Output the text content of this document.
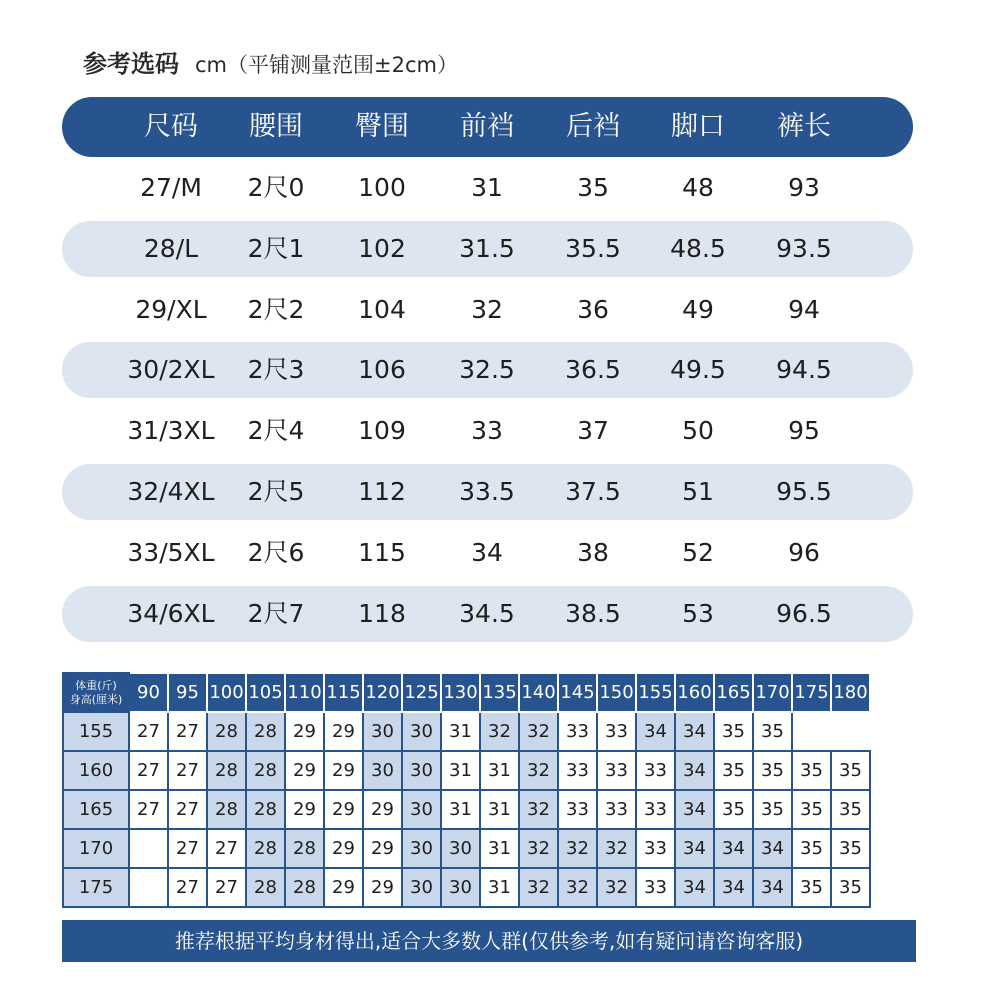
参考选码 cm（平铺测量范围±2cm）
尺码	腰围	臀围	前裆	后裆	脚口	裤长
27/M	2尺0	100	31	35	48	93
28/L	2尺1	102	31.5	35.5	48.5	93.5
29/XL	2尺2	104	32	36	49	94
30/2XL	2尺3	106	32.5	36.5	49.5	94.5
31/3XL	2尺4	109	33	37	50	95
32/4XL	2尺5	112	33.5	37.5	51	95.5
33/5XL	2尺6	115	34	38	52	96
34/6XL	2尺7	118	34.5	38.5	53	96.5
体重(斤)
身高(厘米)	90	95	100	105	110	115	120	125	130	135	140	145	150	155	160	165	170	175	180
155	27	27	28	28	29	29	30	30	31	32	32	33	33	34	34	35	35		
160	27	27	28	28	29	29	30	30	31	31	32	33	33	33	34	35	35	35	35
165	27	27	28	28	29	29	29	30	31	31	32	33	33	33	34	35	35	35	35
170		27	27	28	28	29	29	30	30	31	32	32	32	33	34	34	34	35	35
175		27	27	28	28	29	29	30	30	31	32	32	32	33	34	34	34	35	35
推荐根据平均身材得出,适合大多数人群(仅供参考,如有疑问请咨询客服)
